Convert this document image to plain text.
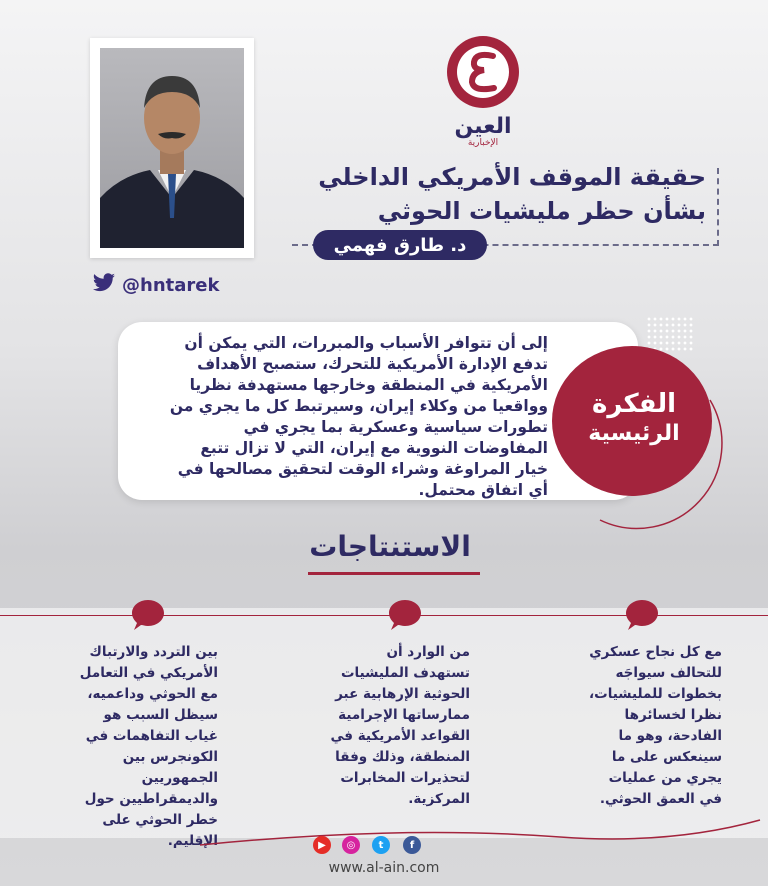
@hntarek
العين
الإخبارية
حقيقة الموقف الأمريكي الداخلي
بشأن حظر مليشيات الحوثي
د. طارق فهمي
إلى أن تتوافر الأسباب والمبررات، التي يمكن أن تدفع الإدارة الأمريكية للتحرك، ستصبح الأهداف الأمريكية في المنطقة وخارجها مستهدفة نظريا وواقعيا من وكلاء إيران، وسيرتبط كل ما يجري من تطورات سياسية وعسكرية بما يجري في المفاوضات النووية مع إيران، التي لا تزال تتبع خيار المراوغة وشراء الوقت لتحقيق مصالحها في أي اتفاق محتمل.
الفكرة
الرئيسية
الاستنتاجات
مع كل نجاح عسكري للتحالف سيواجَه بخطوات للمليشيات، نظرا لخسائرها الفادحة، وهو ما سينعكس على ما يجري من عمليات في العمق الحوثي.
من الوارد أن تستهدف المليشيات الحوثية الإرهابية عبر ممارساتها الإجرامية القواعد الأمريكية في المنطقة، وذلك وفقا لتحذيرات المخابرات المركزية.
بين التردد والارتباك الأمريكي في التعامل مع الحوثي وداعميه، سيظل السبب هو غياب التفاهمات في الكونجرس بين الجمهوريين والديمقراطيين حول خطر الحوثي على الإقليم.	▶	◎	t	f
www.al-ain.com
